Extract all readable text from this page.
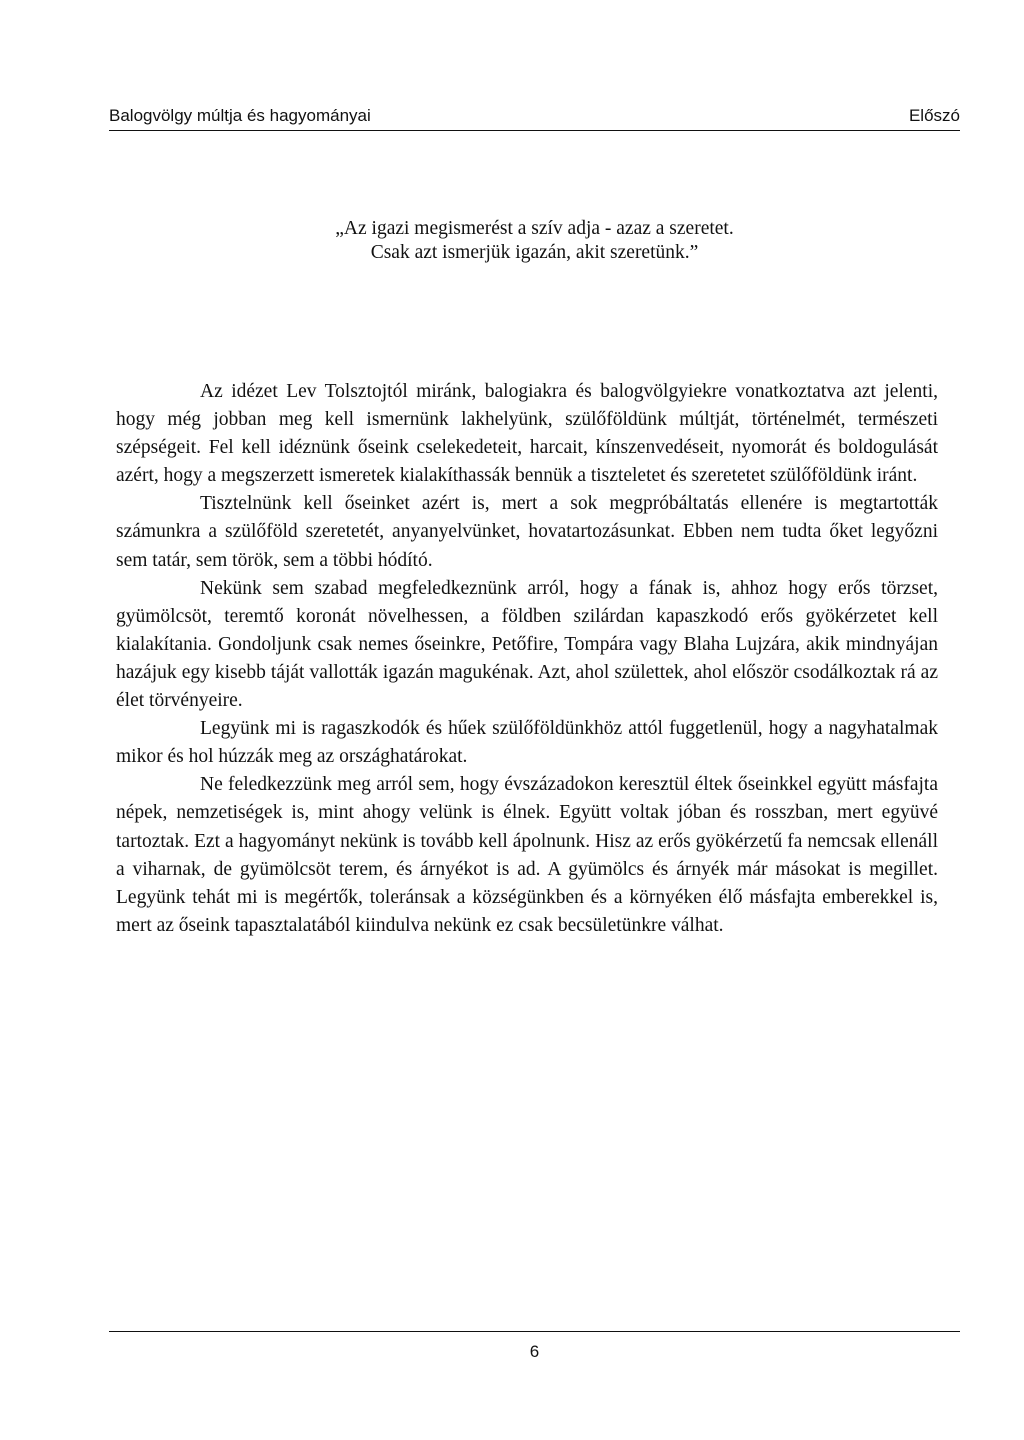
Balogvölgy múltja és hagyományai	Előszó
„Az igazi megismerést a szív adja - azaz a szeretet.
Csak azt ismerjük igazán, akit szeretünk.”

Az idézet Lev Tolsztojtól miránk, balogiakra és balogvölgyiekre vonatkoztatva azt jelenti, hogy még jobban meg kell ismernünk lakhelyünk, szülőföldünk múltját, történelmét, természeti szépségeit. Fel kell idéznünk őseink cselekedeteit, harcait, kínszenvedéseit, nyomorát és boldogulását azért, hogy a megszerzett ismeretek kialakíthassák bennük a tiszteletet és szeretetet szülőföldünk iránt.

Tisztelnünk kell őseinket azért is, mert a sok megpróbáltatás ellenére is megtartották számunkra a szülőföld szeretetét, anyanyelvünket, hovatartozásunkat. Ebben nem tudta őket legyőzni sem tatár, sem török, sem a többi hódító.

Nekünk sem szabad megfeledkeznünk arról, hogy a fának is, ahhoz hogy erős törzset, gyümölcsöt, teremtő koronát növelhessen, a földben szilárdan kapaszkodó erős gyökérzetet kell kialakítania. Gondoljunk csak nemes őseinkre, Petőfire, Tompára vagy Blaha Lujzára, akik mindnyájan hazájuk egy kisebb táját vallották igazán magukénak. Azt, ahol születtek, ahol először csodálkoztak rá az élet törvényeire.

Legyünk mi is ragaszkodók és hűek szülőföldünkhöz attól fuggetlenül, hogy a nagyhatalmak mikor és hol húzzák meg az országhatárokat.

Ne feledkezzünk meg arról sem, hogy évszázadokon keresztül éltek őseinkkel együtt másfajta népek, nemzetiségek is, mint ahogy velünk is élnek. Együtt voltak jóban és rosszban, mert együvé tartoztak. Ezt a hagyományt nekünk is tovább kell ápolnunk. Hisz az erős gyökérzetű fa nemcsak ellenáll a viharnak, de gyümölcsöt terem, és árnyékot is ad. A gyümölcs és árnyék már másokat is megillet. Legyünk tehát mi is megértők, toleránsak a községünkben és a környéken élő másfajta emberekkel is, mert az őseink tapasztalatából kiindulva nekünk ez csak becsületünkre válhat.

6
